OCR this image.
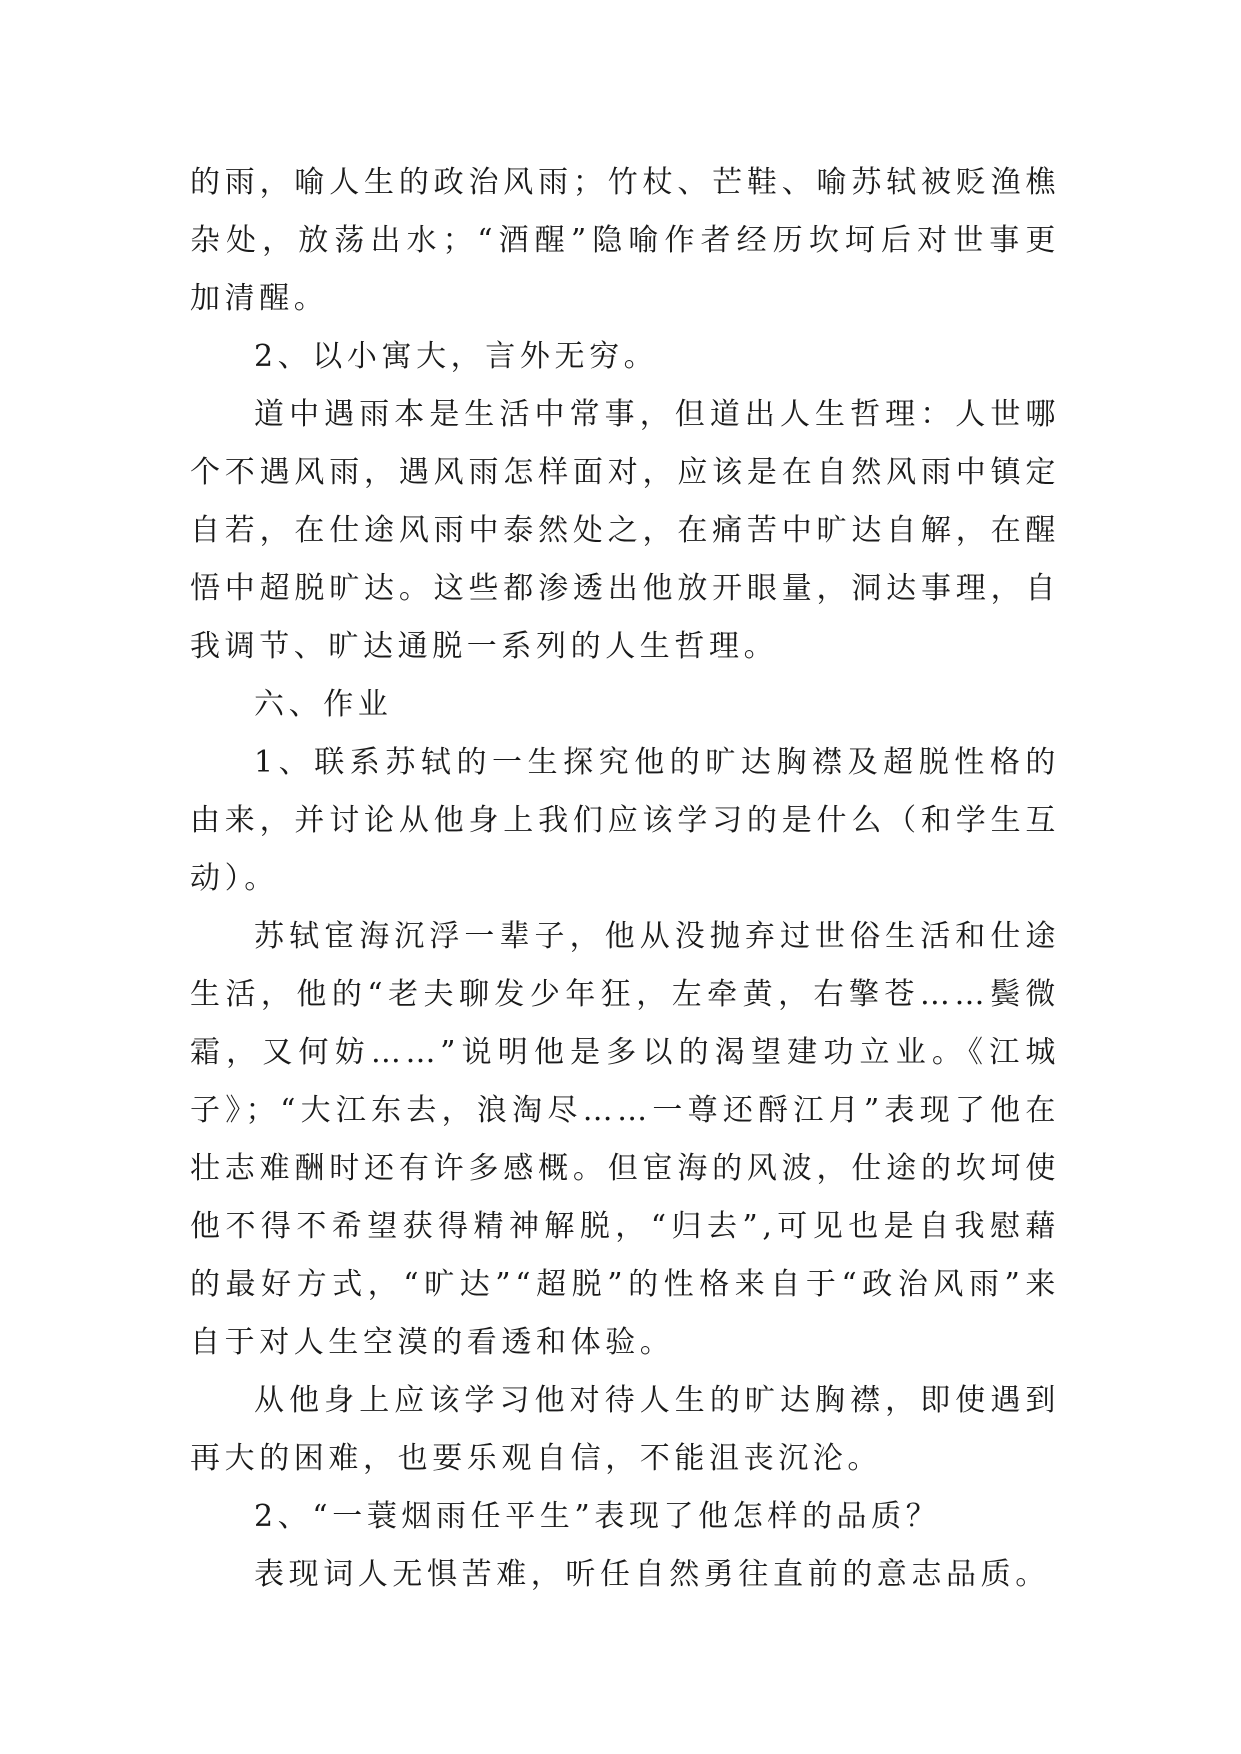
的雨，喻人生的政治风雨；竹杖、芒鞋、喻苏轼被贬渔樵杂处，放荡出水；“酒醒”隐喻作者经历坎坷后对世事更加清醒。

2、以小寓大，言外无穷。

道中遇雨本是生活中常事，但道出人生哲理：人世哪个不遇风雨，遇风雨怎样面对，应该是在自然风雨中镇定自若，在仕途风雨中泰然处之，在痛苦中旷达自解，在醒悟中超脱旷达。这些都渗透出他放开眼量，洞达事理，自我调节、旷达通脱一系列的人生哲理。

六、作业

1、联系苏轼的一生探究他的旷达胸襟及超脱性格的由来，并讨论从他身上我们应该学习的是什么（和学生互动）。

苏轼宦海沉浮一辈子，他从没抛弃过世俗生活和仕途生活，他的“老夫聊发少年狂，左牵黄，右擎苍……鬓微霜，又何妨……”说明他是多以的渴望建功立业。《江城子》；“大江东去，浪淘尽……一尊还酹江月”表现了他在壮志难酬时还有许多感概。但宦海的风波，仕途的坎坷使他不得不希望获得精神解脱，“归去”,可见也是自我慰藉的最好方式，“旷达”“超脱”的性格来自于“政治风雨”来自于对人生空漠的看透和体验。

从他身上应该学习他对待人生的旷达胸襟，即使遇到再大的困难，也要乐观自信，不能沮丧沉沦。

2、“一蓑烟雨任平生”表现了他怎样的品质？

表现词人无惧苦难，听任自然勇往直前的意志品质。
